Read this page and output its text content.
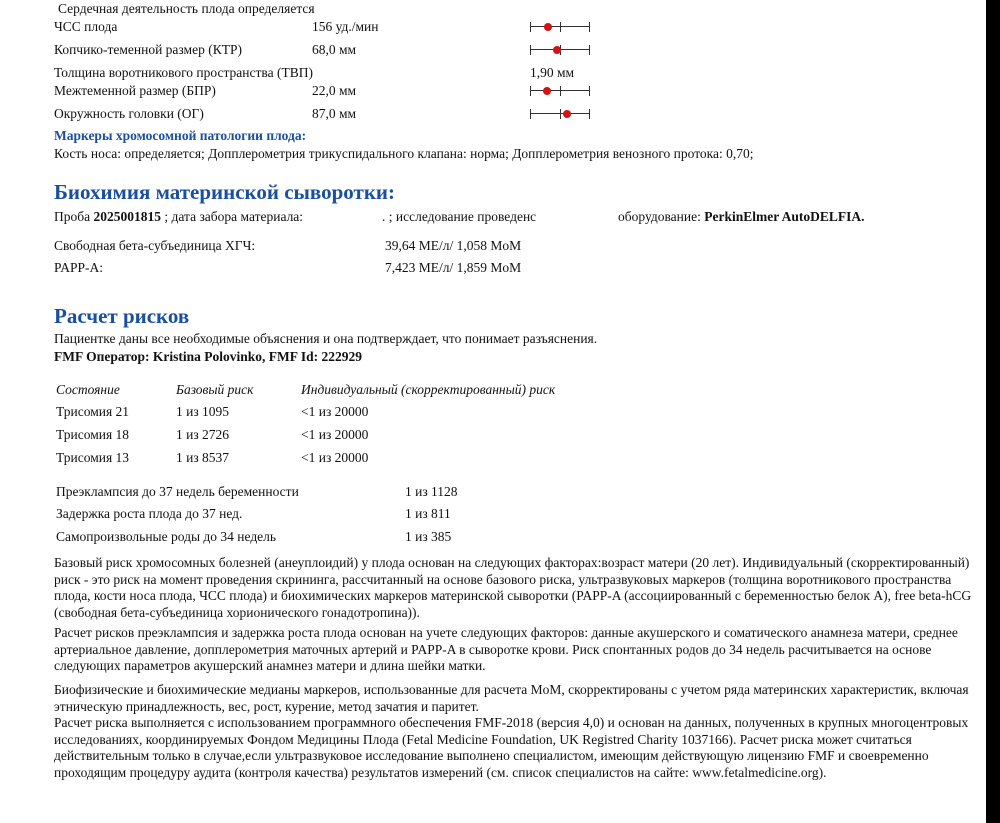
Сердечная деятельность плода определяется
ЧСС плода	156 уд./мин
Копчико-теменной размер (КТР)	68,0 мм
Толщина воротникового пространства (ТВП)	1,90 мм
Межтеменной размер (БПР)	22,0 мм
Окружность головки (ОГ)	87,0 мм
Маркеры хромосомной патологии плода:
Кость носа: определяется; Допплерометрия трикуспидального клапана: норма; Допплерометрия венозного протока: 0,70;
Биохимия материнской сыворотки:
Проба 2025001815 ; дата забора материала:	. ; исследование проведенс	оборудование: PerkinElmer AutoDELFIA.
Свободная бета-субъединица ХГЧ:	39,64 МЕ/л/ 1,058 MoM
PAPP-A:	7,423 МЕ/л/ 1,859 MoM
Расчет рисков
Пациентке даны все необходимые объяснения и она подтверждает, что понимает разъяснения.
FMF Оператор: Kristina Polovinko, FMF Id: 222929
Состояние	Базовый риск	Индивидуальный (скорректированный) риск
Трисомия 21	1 из 1095	<1 из 20000
Трисомия 18	1 из 2726	<1 из 20000
Трисомия 13	1 из 8537	<1 из 20000
Преэклампсия до 37 недель беременности	1 из 1128
Задержка роста плода до 37 нед.	1 из 811
Самопроизвольные роды до 34 недель	1 из 385
Базовый риск хромосомных болезней (анеуплоидий) у плода основан на следующих факторах:возраст матери (20 лет). Индивидуальный (скорректированный) риск - это риск на момент проведения скрининга, рассчитанный на основе базового риска, ультразвуковых маркеров (толщина воротникового пространства плода, кости носа плода, ЧСС плода) и биохимических маркеров материнской сыворотки (PAPP-A (ассоциированный с беременностью белок А), free beta-hCG (свободная бета-субъединица хорионического гонадотропина)).
Расчет рисков преэклампсия и задержка роста плода основан на учете следующих факторов: данные акушерского и соматического анамнеза матери, среднее артериальное давление, допплерометрия маточных артерий и PAPP-A в сыворотке крови. Риск спонтанных родов до 34 недель расчитывается на основе следующих параметров акушерский анамнез матери и длина шейки матки.
Биофизические и биохимические медианы маркеров, использованные для расчета MoM, скорректированы с учетом ряда материнских характеристик, включая этническую принадлежность, вес, рост, курение, метод зачатия и паритет.
Расчет риска выполняется с использованием программного обеспечения FMF-2018 (версия 4,0) и основан на данных, полученных в крупных многоцентровых исследованиях, координируемых Фондом Медицины Плода (Fetal Medicine Foundation, UK Registred Charity 1037166). Расчет риска может считаться действительным только в случае,если ультразвуковое исследование выполнено специалистом, имеющим действующую лицензию FMF и своевременно проходящим процедуру аудита (контроля качества) результатов измерений (см. список специалистов на сайте: www.fetalmedicine.org).
